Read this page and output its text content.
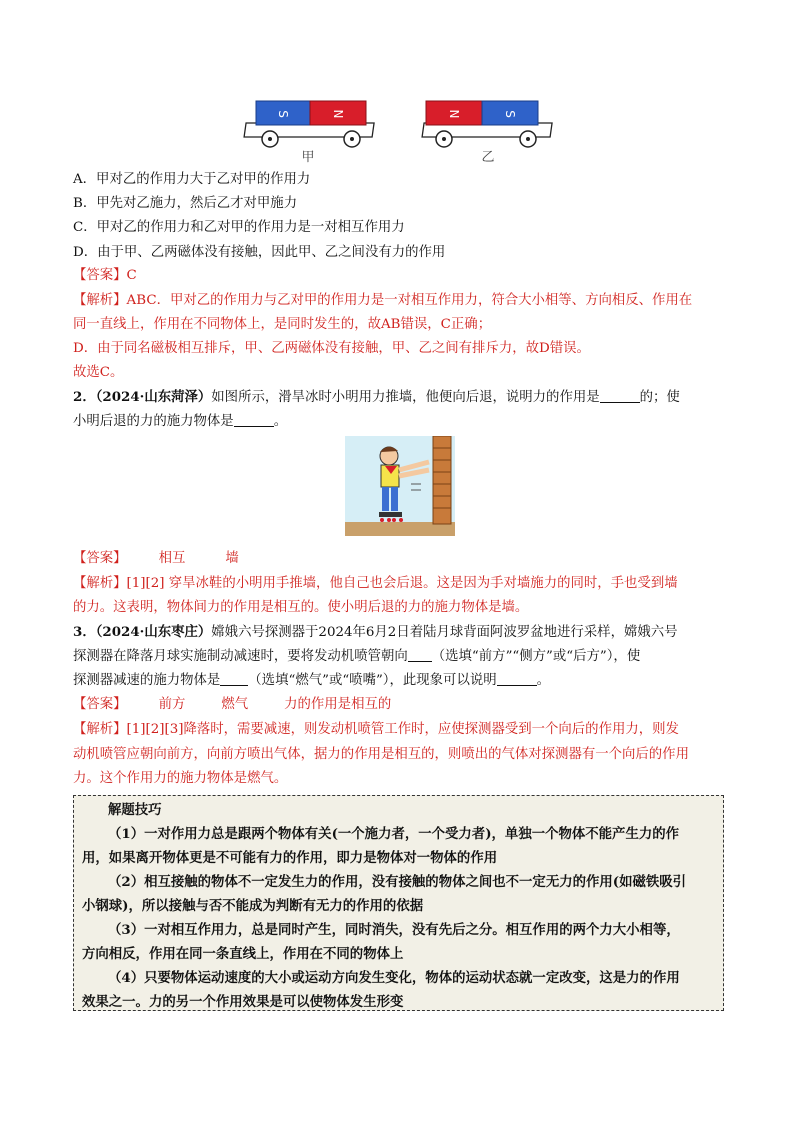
S	N	N	S
甲	乙
A．甲对乙的作用力大于乙对甲的作用力
B．甲先对乙施力，然后乙才对甲施力
C．甲对乙的作用力和乙对甲的作用力是一对相互作用力
D．由于甲、乙两磁体没有接触，因此甲、乙之间没有力的作用
【答案】C
【解析】ABC．甲对乙的作用力与乙对甲的作用力是一对相互作用力，符合大小相等、方向相反、作用在
同一直线上，作用在不同物体上，是同时发生的，故AB错误，C正确；
D．由于同名磁极相互排斥，甲、乙两磁体没有接触，甲、乙之间有排斥力，故D错误。
故选C。
2．（2024·山东菏泽）如图所示，滑旱冰时小明用力推墙，他便向后退，说明力的作用是	的；使
小明后退的力的施力物体是	。
【答案】 相互	墙
【解析】[1][2] 穿旱冰鞋的小明用手推墙，他自己也会后退。这是因为手对墙施力的同时，手也受到墙
的力。这表明，物体间力的作用是相互的。使小明后退的力的施力物体是墙。
3．（2024·山东枣庄）嫦娥六号探测器于2024年6月2日着陆月球背面阿波罗盆地进行采样，嫦娥六号
探测器在降落月球实施制动减速时，要将发动机喷管朝向 （选填“前方”“侧方”或“后方”），使
探测器减速的施力物体是 （选填“燃气”或“喷嘴”），此现象可以说明	。
【答案】 前方	燃气	力的作用是相互的
【解析】[1][2][3]降落时，需要减速，则发动机喷管工作时，应使探测器受到一个向后的作用力，则发
动机喷管应朝向前方，向前方喷出气体，据力的作用是相互的，则喷出的气体对探测器有一个向后的作用
力。这个作用力的施力物体是燃气。
解题技巧
（1）一对作用力总是跟两个物体有关(一个施力者，一个受力者)，单独一个物体不能产生力的作
用，如果离开物体更是不可能有力的作用，即力是物体对一物体的作用
（2）相互接触的物体不一定发生力的作用，没有接触的物体之间也不一定无力的作用(如磁铁吸引
小钢球)，所以接触与否不能成为判断有无力的作用的依据
（3）一对相互作用力，总是同时产生，同时消失，没有先后之分。相互作用的两个力大小相等，
方向相反，作用在同一条直线上，作用在不同的物体上
（4）只要物体运动速度的大小或运动方向发生变化，物体的运动状态就一定改变，这是力的作用
效果之一。力的另一个作用效果是可以使物体发生形变
